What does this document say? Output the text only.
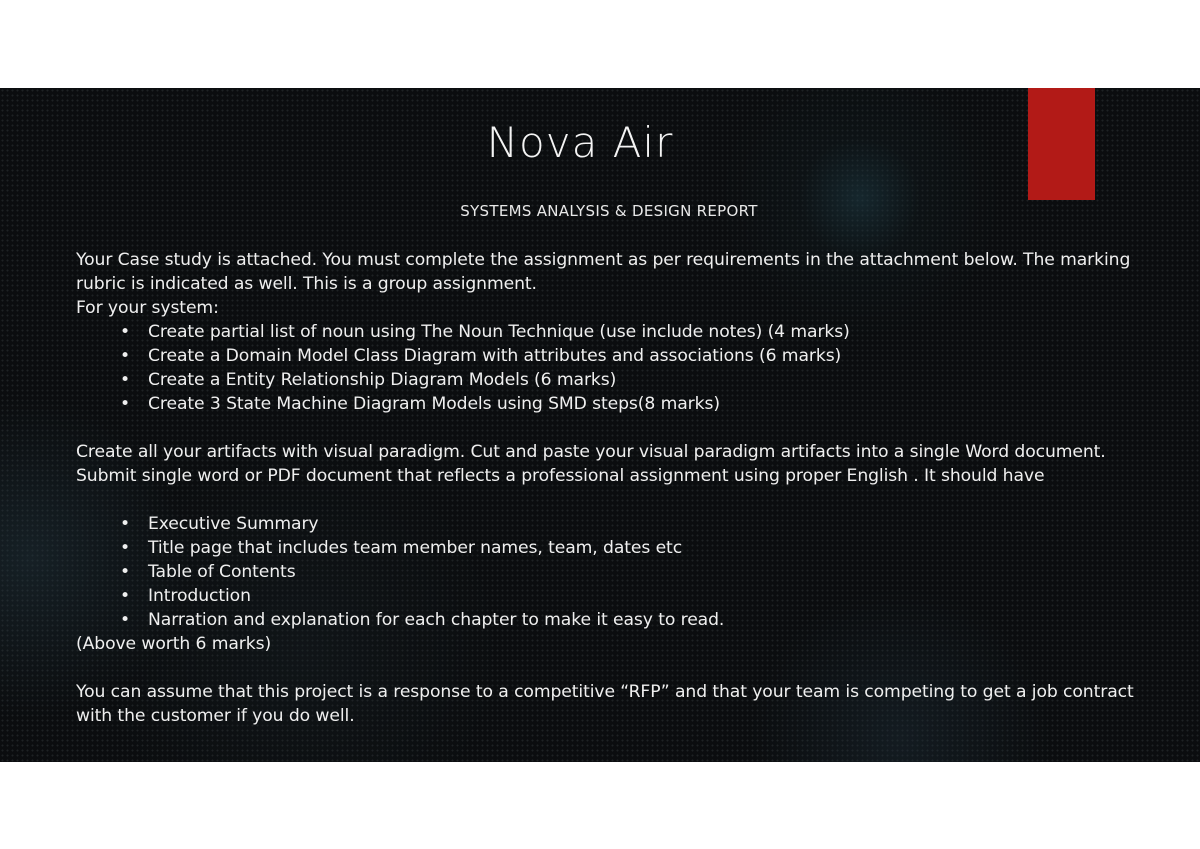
Nova Air
SYSTEMS ANALYSIS & DESIGN REPORT

Your Case study is attached. You must complete the assignment as per requirements in the attachment below. The marking rubric is indicated as well. This is a group assignment.

For your system:

• Create partial list of noun using The Noun Technique (use include notes) (4 marks)
• Create a Domain Model Class Diagram with attributes and associations (6 marks)
• Create a Entity Relationship Diagram Models (6 marks)
• Create 3 State Machine Diagram Models using SMD steps(8 marks)

Create all your artifacts with visual paradigm. Cut and paste your visual paradigm artifacts into a single Word document. Submit single word or PDF document that reflects a professional assignment using proper English . It should have

• Executive Summary
• Title page that includes team member names, team, dates etc
• Table of Contents
• Introduction
• Narration and explanation for each chapter to make it easy to read.

(Above worth 6 marks)

You can assume that this project is a response to a competitive “RFP” and that your team is competing to get a job contract with the customer if you do well.
